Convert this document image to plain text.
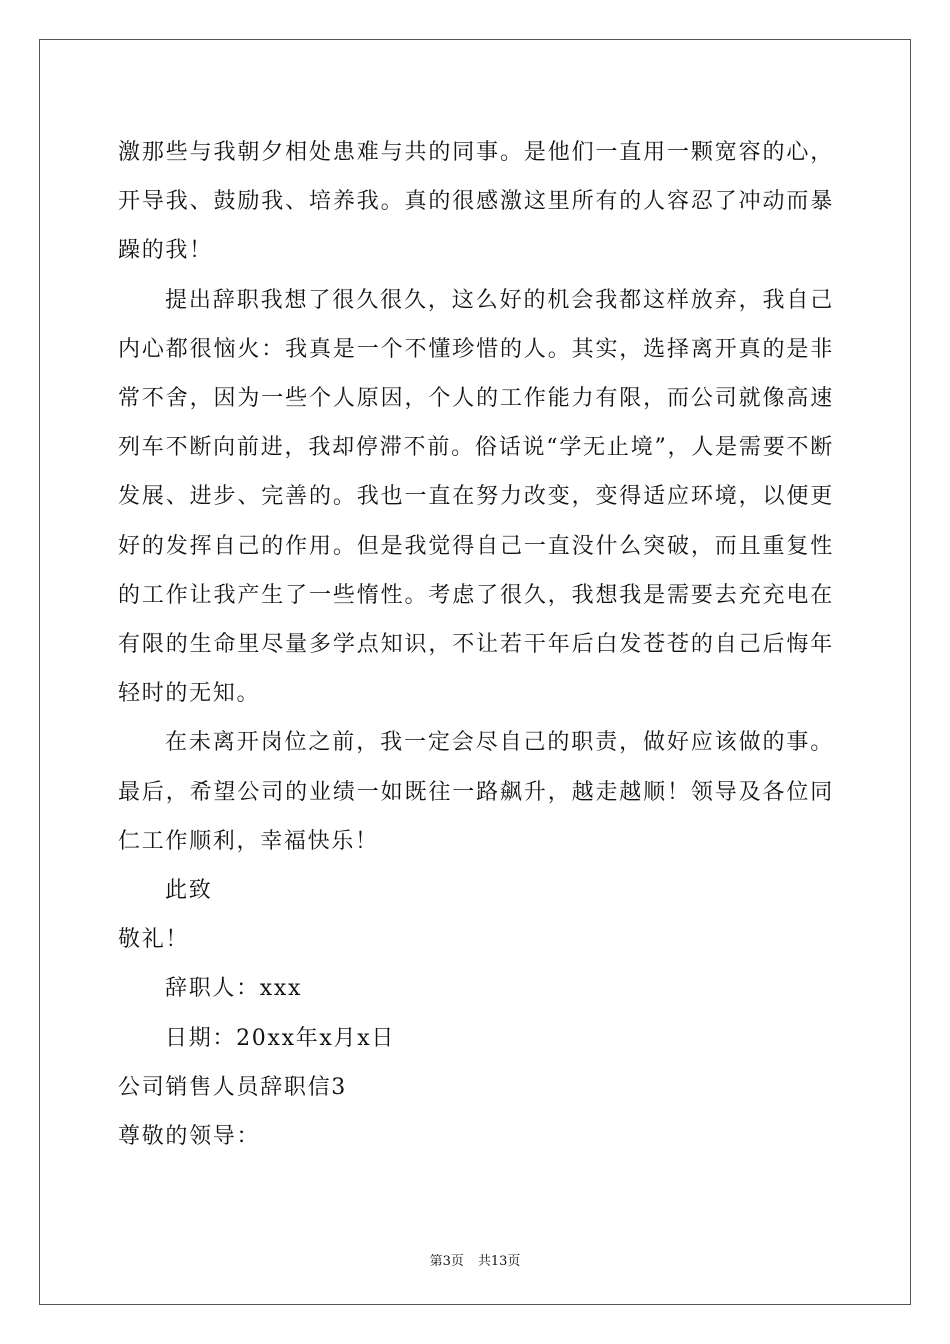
激那些与我朝夕相处患难与共的同事。是他们一直用一颗宽容的心，开导我、鼓励我、培养我。真的很感激这里所有的人容忍了冲动而暴躁的我！

提出辞职我想了很久很久，这么好的机会我都这样放弃，我自己内心都很恼火：我真是一个不懂珍惜的人。其实，选择离开真的是非常不舍，因为一些个人原因，个人的工作能力有限，而公司就像高速列车不断向前进，我却停滞不前。俗话说“学无止境”，人是需要不断发展、进步、完善的。我也一直在努力改变，变得适应环境，以便更好的发挥自己的作用。但是我觉得自己一直没什么突破，而且重复性的工作让我产生了一些惰性。考虑了很久，我想我是需要去充充电在有限的生命里尽量多学点知识，不让若干年后白发苍苍的自己后悔年轻时的无知。

在未离开岗位之前，我一定会尽自己的职责，做好应该做的事。最后，希望公司的业绩一如既往一路飙升，越走越顺！领导及各位同仁工作顺利，幸福快乐！

此致

敬礼！

辞职人：xxx

日期：20xx年x月x日

公司销售人员辞职信3

尊敬的领导：

第3页 共13页
